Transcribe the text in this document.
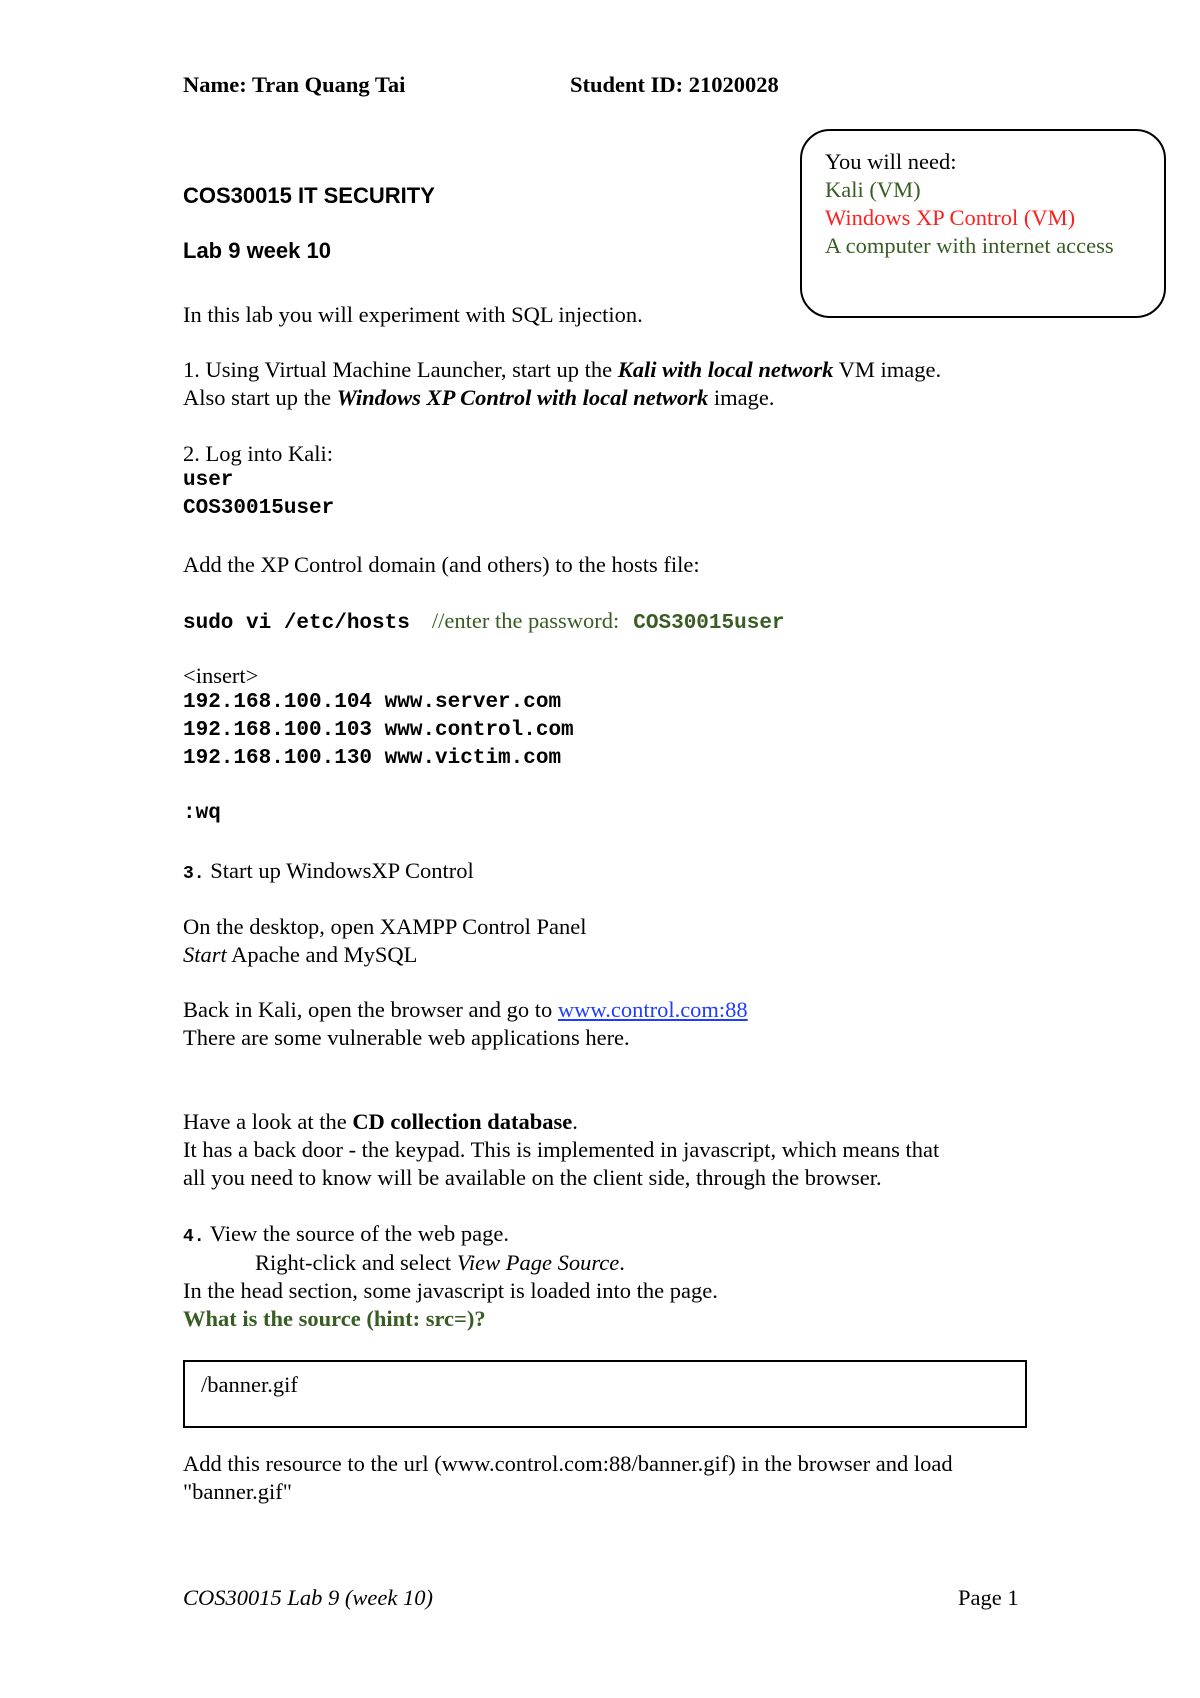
Name: Tran Quang Tai	Student ID: 21020028
You will need:
Kali (VM)
Windows XP Control (VM)
A computer with internet access
COS30015 IT SECURITY
Lab 9 week 10
In this lab you will experiment with SQL injection.
1. Using Virtual Machine Launcher, start up the Kali with local network VM image.
Also start up the Windows XP Control with local network image.
2. Log into Kali:
user
COS30015user
Add the XP Control domain (and others) to the hosts file:
sudo vi /etc/hosts //enter the password: COS30015user
<insert>
192.168.100.104 www.server.com
192.168.100.103 www.control.com
192.168.100.130 www.victim.com
:wq
3. Start up WindowsXP Control
On the desktop, open XAMPP Control Panel
Start Apache and MySQL
Back in Kali, open the browser and go to www.control.com:88
There are some vulnerable web applications here.
Have a look at the CD collection database.
It has a back door - the keypad. This is implemented in javascript, which means that
all you need to know will be available on the client side, through the browser.
4. View the source of the web page.
Right-click and select View Page Source.
In the head section, some javascript is loaded into the page.
What is the source (hint: src=)?
/banner.gif
Add this resource to the url (www.control.com:88/banner.gif) in the browser and load
"banner.gif"
COS30015 Lab 9 (week 10)	Page 1
